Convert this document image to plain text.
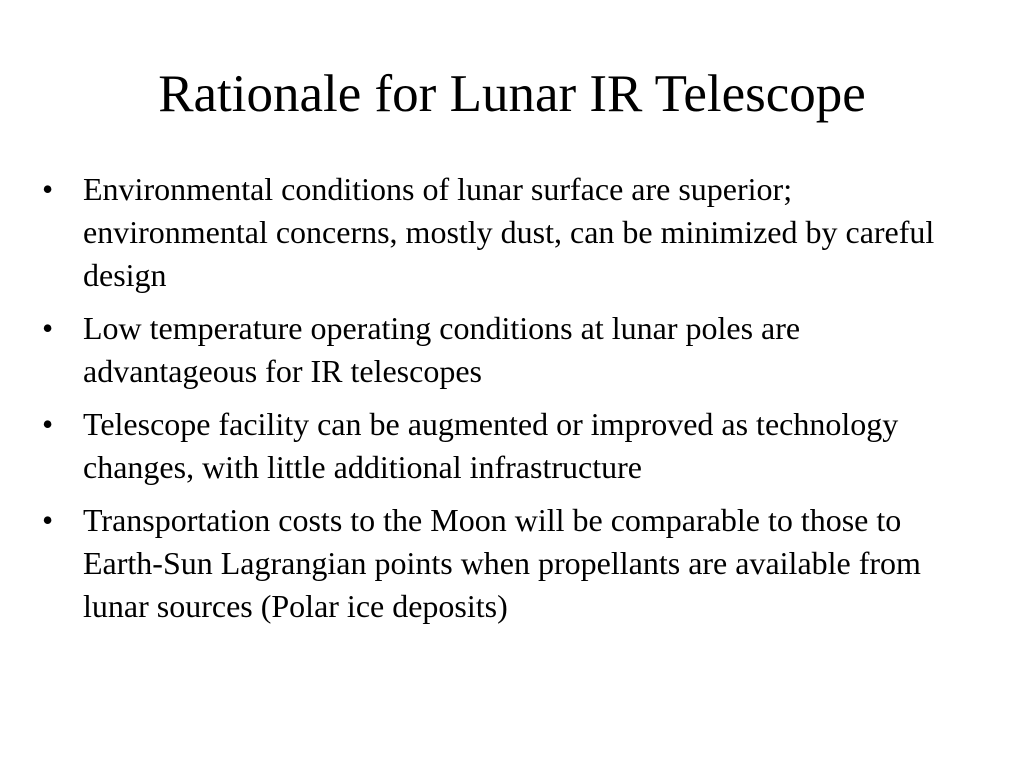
Rationale for Lunar IR Telescope
• Environmental conditions of lunar surface are superior; environmental concerns, mostly dust, can be minimized by careful design
• Low temperature operating conditions at lunar poles are advantageous for IR telescopes
• Telescope facility can be augmented or improved as technology changes, with little additional infrastructure
• Transportation costs to the Moon will be comparable to those to Earth-Sun Lagrangian points when propellants are available from lunar sources (Polar ice deposits)
